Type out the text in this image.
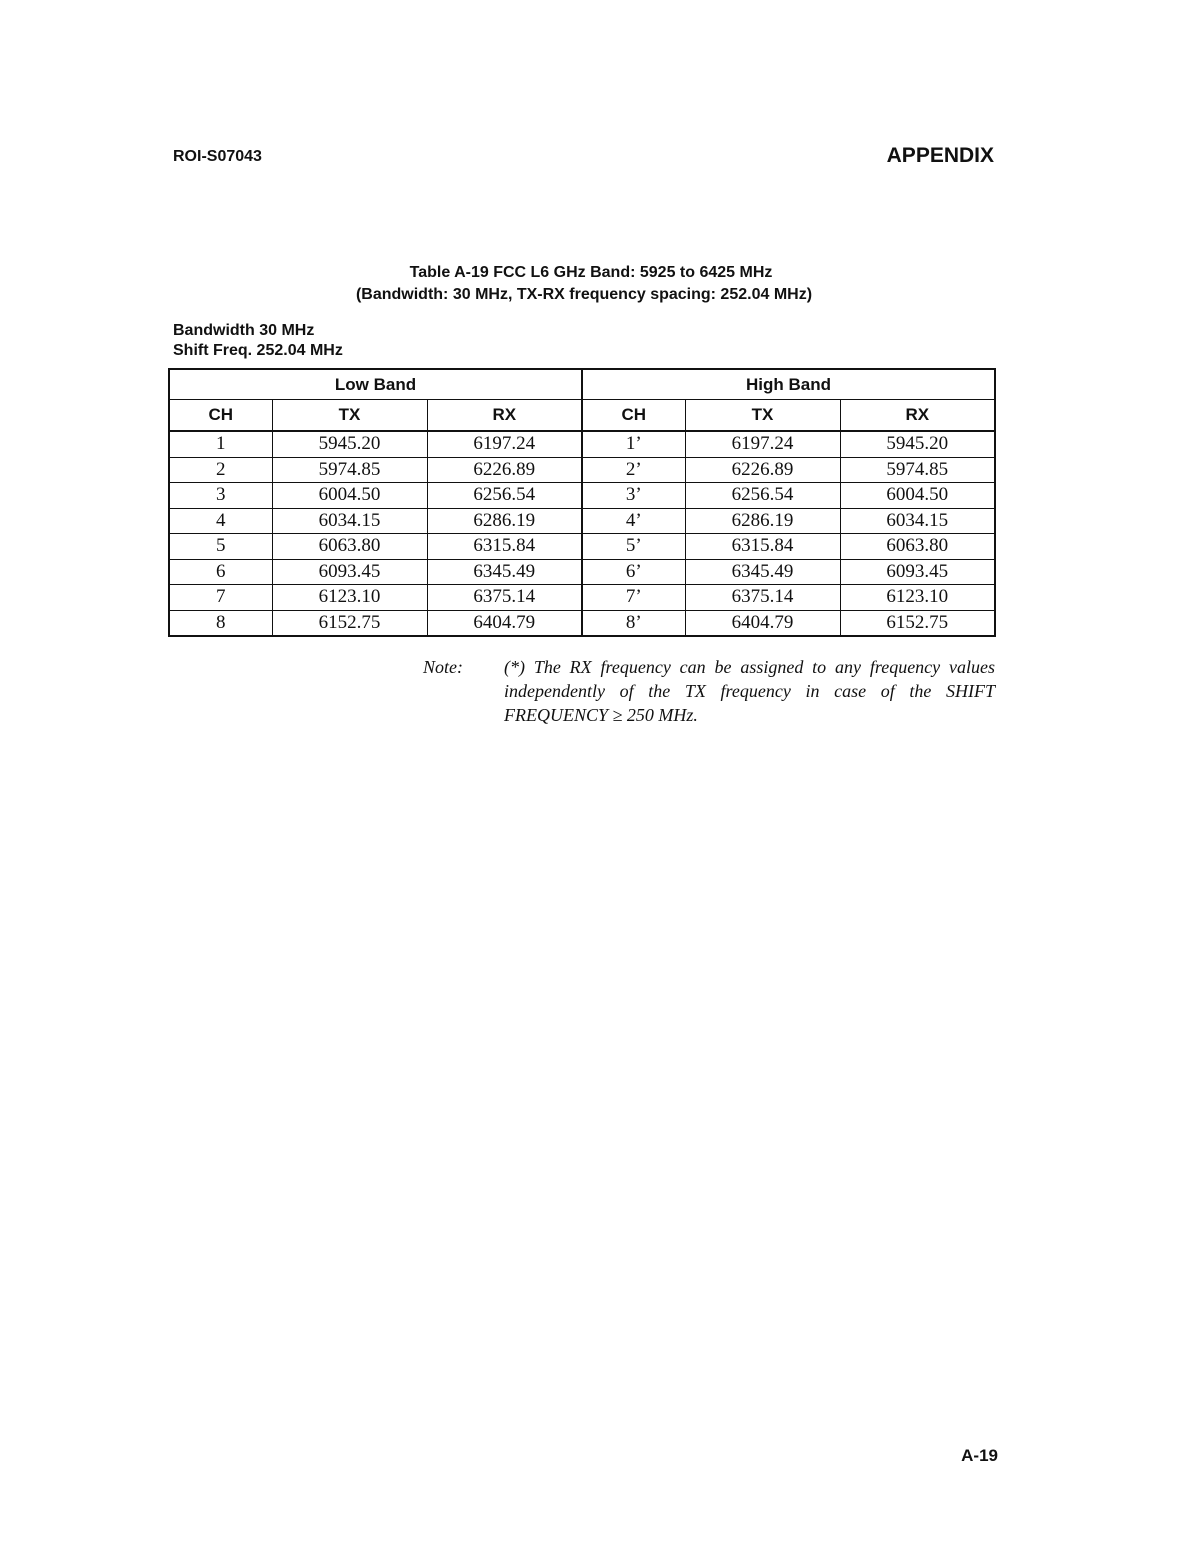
ROI-S07043	APPENDIX
Table A-19 FCC L6 GHz Band: 5925 to 6425 MHz
(Bandwidth: 30 MHz, TX-RX frequency spacing: 252.04 MHz)
Bandwidth 30 MHz
Shift Freq. 252.04 MHz
Low Band			High Band		
CH	TX	RX	CH	TX	RX
1	5945.20	6197.24	1’	6197.24	5945.20
2	5974.85	6226.89	2’	6226.89	5974.85
3	6004.50	6256.54	3’	6256.54	6004.50
4	6034.15	6286.19	4’	6286.19	6034.15
5	6063.80	6315.84	5’	6315.84	6063.80
6	6093.45	6345.49	6’	6345.49	6093.45
7	6123.10	6375.14	7’	6375.14	6123.10
8	6152.75	6404.79	8’	6404.79	6152.75
Note: (*) The RX frequency can be assigned to any frequency values independently of the TX frequency in case of the SHIFT FREQUENCY ≥ 250 MHz.
A-19
